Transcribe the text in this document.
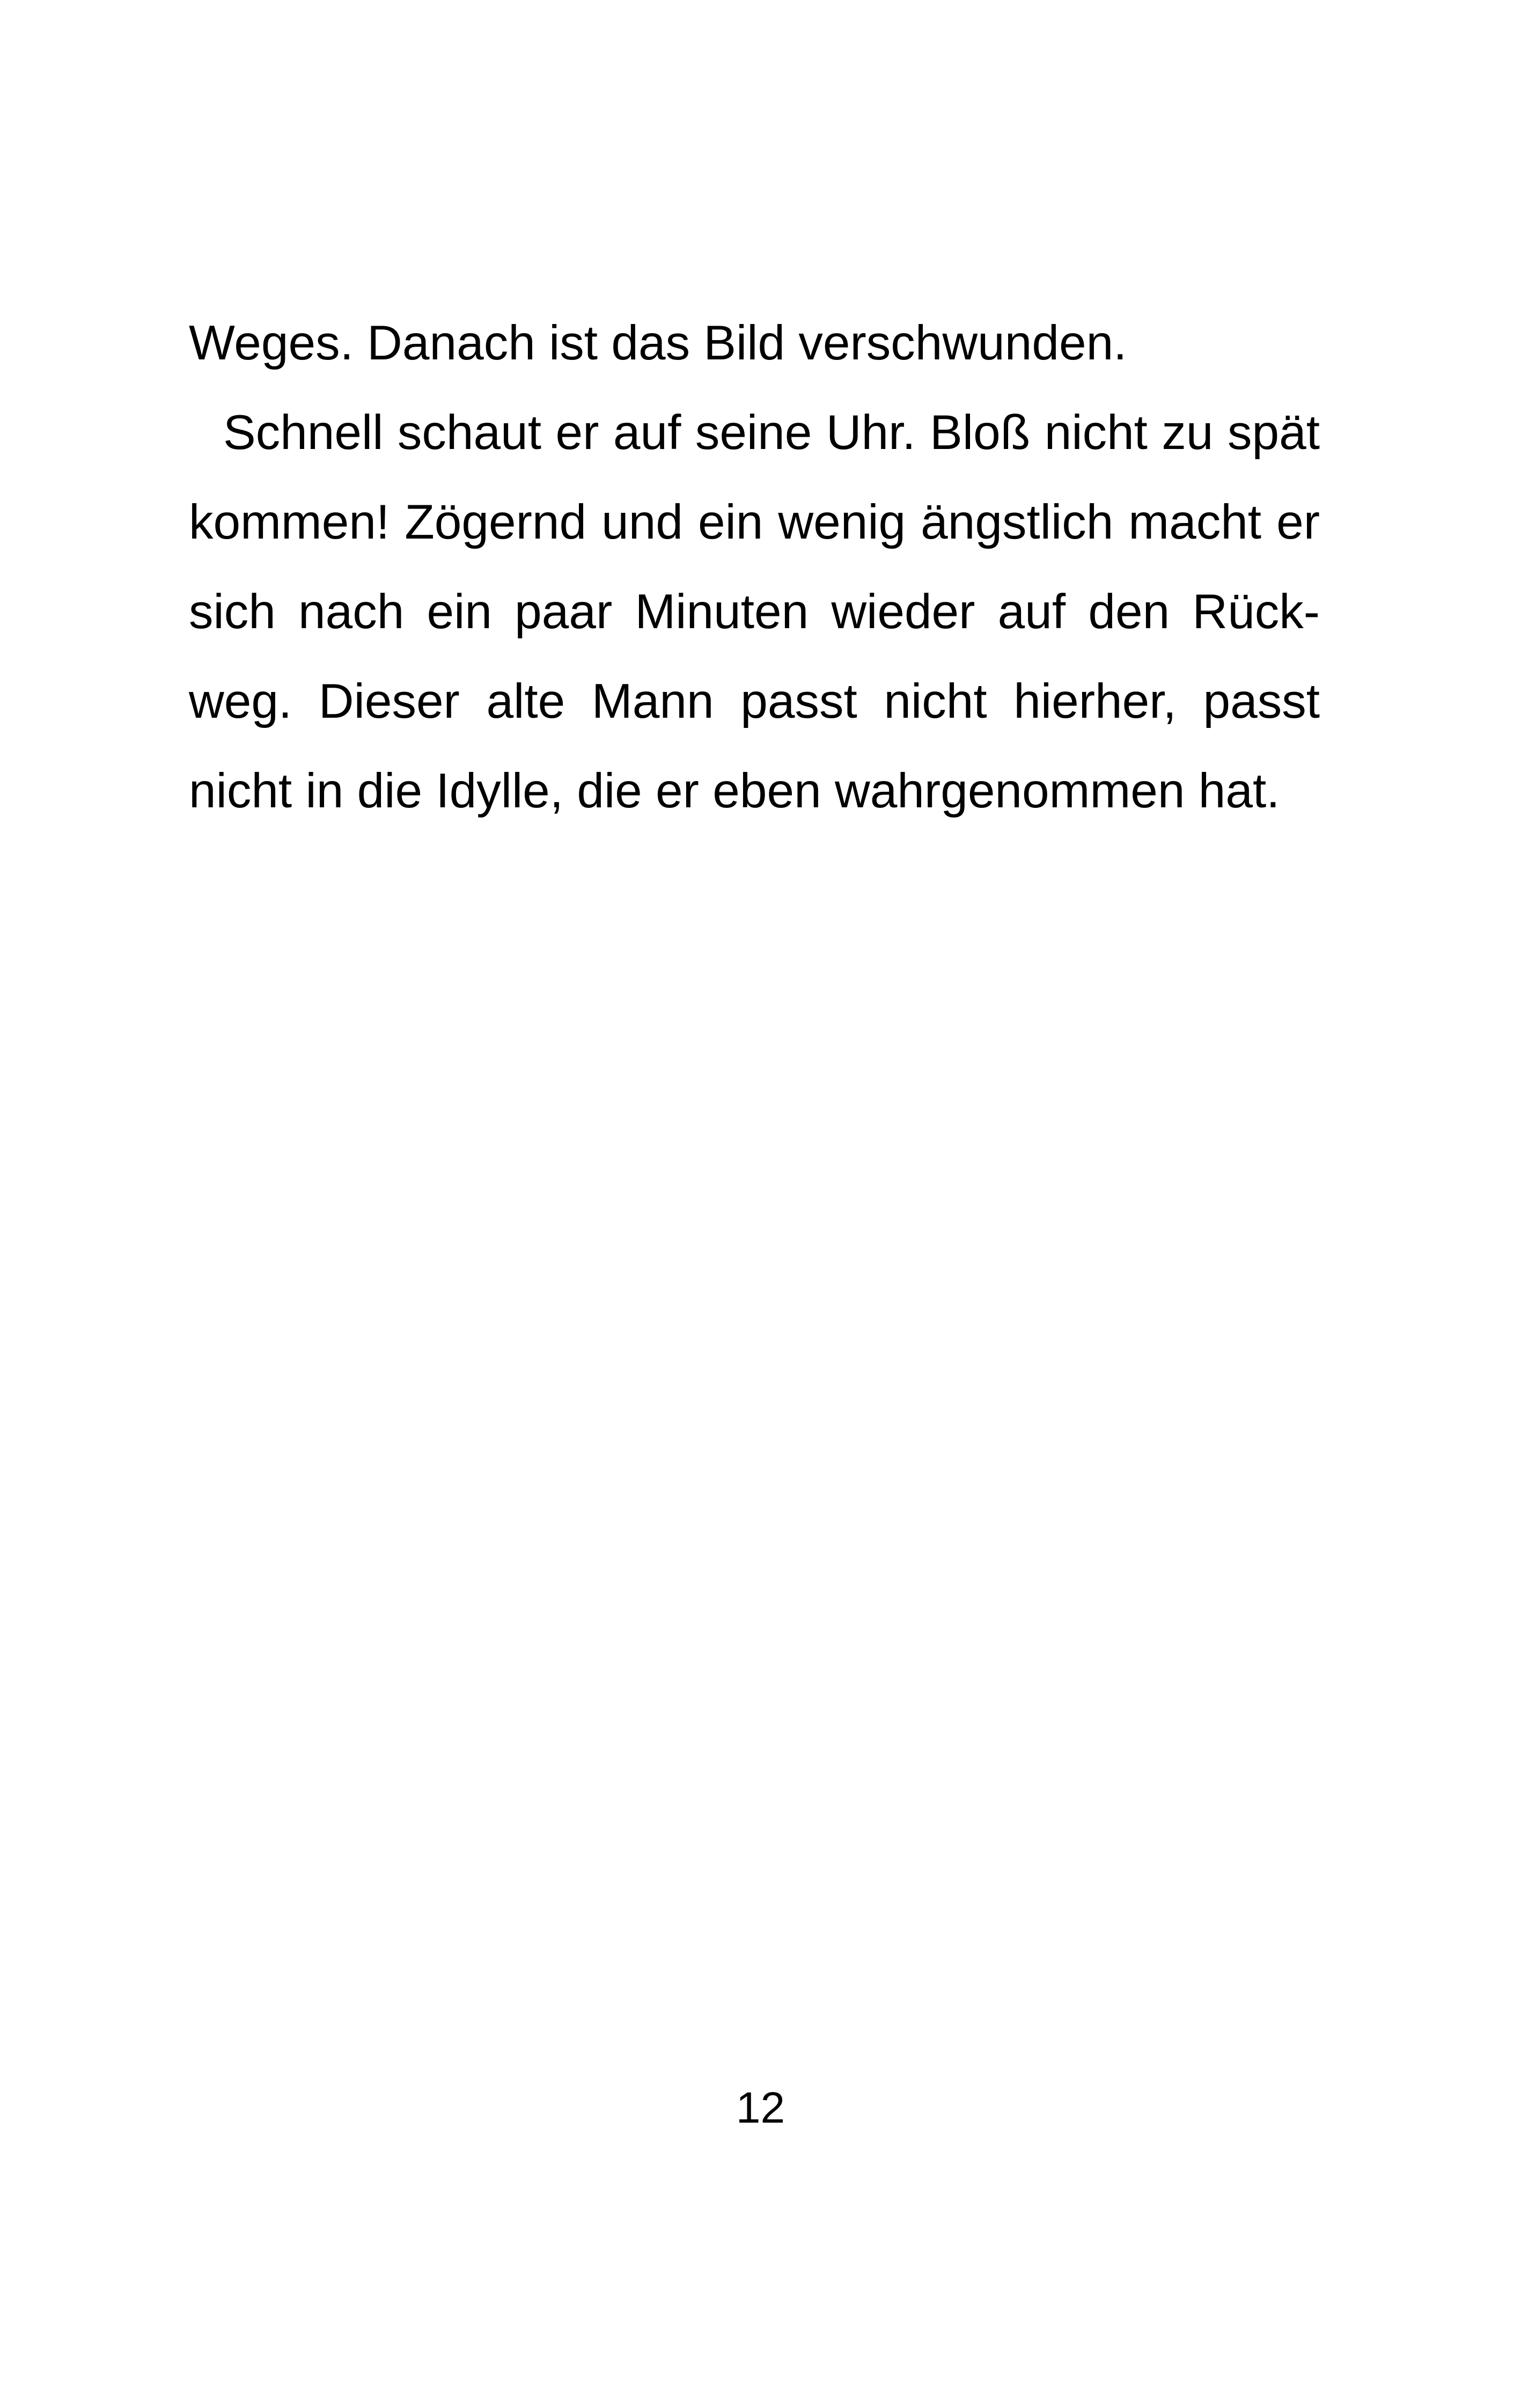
Weges. Danach ist das Bild verschwunden.
Schnell schaut er auf seine Uhr. Bloß nicht zu spät
kommen! Zögernd und ein wenig ängstlich macht er
sich nach ein paar Minuten wieder auf den Rück-
weg. Dieser alte Mann passt nicht hierher, passt
nicht in die Idylle, die er eben wahrgenommen hat.
12
